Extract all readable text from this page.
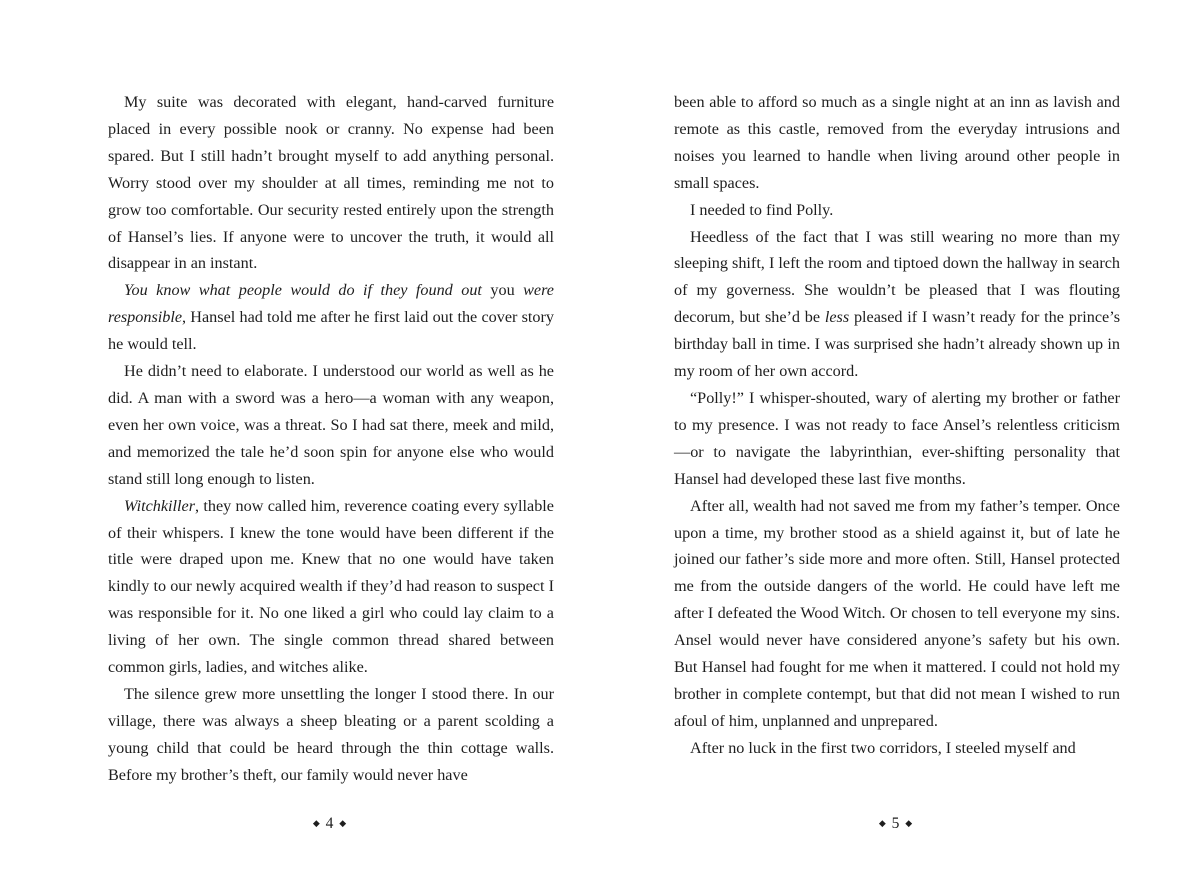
My suite was decorated with elegant, hand-carved furniture placed in every possible nook or cranny. No expense had been spared. But I still hadn’t brought myself to add anything personal. Worry stood over my shoulder at all times, reminding me not to grow too comfortable. Our security rested entirely upon the strength of Hansel’s lies. If anyone were to uncover the truth, it would all disappear in an instant.

You know what people would do if they found out you were responsible, Hansel had told me after he first laid out the cover story he would tell.

He didn’t need to elaborate. I understood our world as well as he did. A man with a sword was a hero—a woman with any weapon, even her own voice, was a threat. So I had sat there, meek and mild, and memorized the tale he’d soon spin for anyone else who would stand still long enough to listen.

Witchkiller, they now called him, reverence coating every syllable of their whispers. I knew the tone would have been different if the title were draped upon me. Knew that no one would have taken kindly to our newly acquired wealth if they’d had reason to suspect I was responsible for it. No one liked a girl who could lay claim to a living of her own. The single common thread shared between common girls, ladies, and witches alike.

The silence grew more unsettling the longer I stood there. In our village, there was always a sheep bleating or a parent scolding a young child that could be heard through the thin cottage walls. Before my brother’s theft, our family would never have

◆ 4 ◆

been able to afford so much as a single night at an inn as lavish and remote as this castle, removed from the everyday intrusions and noises you learned to handle when living around other people in small spaces.

I needed to find Polly.

Heedless of the fact that I was still wearing no more than my sleeping shift, I left the room and tiptoed down the hallway in search of my governess. She wouldn’t be pleased that I was flouting decorum, but she’d be less pleased if I wasn’t ready for the prince’s birthday ball in time. I was surprised she hadn’t already shown up in my room of her own accord.

“Polly!” I whisper-shouted, wary of alerting my brother or father to my presence. I was not ready to face Ansel’s relentless criticism—or to navigate the labyrinthian, ever-shifting personality that Hansel had developed these last five months.

After all, wealth had not saved me from my father’s temper. Once upon a time, my brother stood as a shield against it, but of late he joined our father’s side more and more often. Still, Hansel protected me from the outside dangers of the world. He could have left me after I defeated the Wood Witch. Or chosen to tell everyone my sins. Ansel would never have considered anyone’s safety but his own. But Hansel had fought for me when it mattered. I could not hold my brother in complete contempt, but that did not mean I wished to run afoul of him, unplanned and unprepared.

After no luck in the first two corridors, I steeled myself and

◆ 5 ◆
